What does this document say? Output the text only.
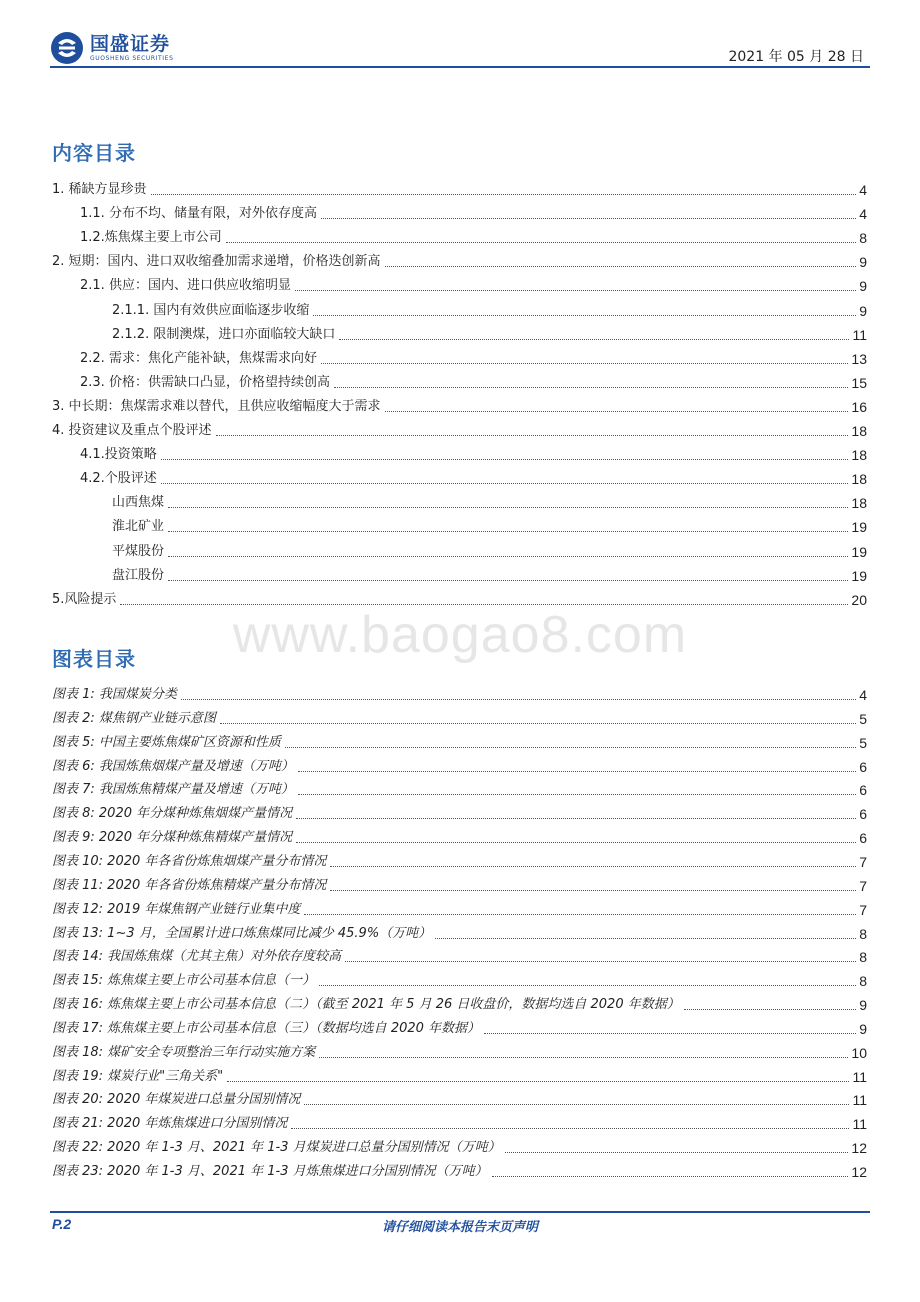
国盛证券
GUOSHENG SECURITIES	2021 年 05 月 28 日
内容目录
1. 稀缺方显珍贵	4
1.1. 分布不均、储量有限，对外依存度高	4
1.2.炼焦煤主要上市公司	8
2. 短期：国内、进口双收缩叠加需求递增，价格迭创新高	9
2.1. 供应：国内、进口供应收缩明显	9
2.1.1. 国内有效供应面临逐步收缩	9
2.1.2. 限制澳煤，进口亦面临较大缺口	11
2.2. 需求：焦化产能补缺，焦煤需求向好	13
2.3. 价格：供需缺口凸显，价格望持续创高	15
3. 中长期：焦煤需求难以替代，且供应收缩幅度大于需求	16
4. 投资建议及重点个股评述	18
4.1.投资策略	18
4.2.个股评述	18
山西焦煤	18
淮北矿业	19
平煤股份	19
盘江股份	19
5.风险提示	20
www.baogao8.com
图表目录
图表 1: 我国煤炭分类	4
图表 2: 煤焦钢产业链示意图	5
图表 5: 中国主要炼焦煤矿区资源和性质	5
图表 6: 我国炼焦烟煤产量及增速（万吨）	6
图表 7: 我国炼焦精煤产量及增速（万吨）	6
图表 8: 2020 年分煤种炼焦烟煤产量情况	6
图表 9: 2020 年分煤种炼焦精煤产量情况	6
图表 10: 2020 年各省份炼焦烟煤产量分布情况	7
图表 11: 2020 年各省份炼焦精煤产量分布情况	7
图表 12: 2019 年煤焦钢产业链行业集中度	7
图表 13: 1~3 月，全国累计进口炼焦煤同比减少 45.9%（万吨）	8
图表 14: 我国炼焦煤（尤其主焦）对外依存度较高	8
图表 15: 炼焦煤主要上市公司基本信息（一）	8
图表 16: 炼焦煤主要上市公司基本信息（二）（截至 2021 年 5 月 26 日收盘价，数据均选自 2020 年数据）	9
图表 17: 炼焦煤主要上市公司基本信息（三）（数据均选自 2020 年数据）	9
图表 18: 煤矿安全专项整治三年行动实施方案	10
图表 19: 煤炭行业"三角关系"	11
图表 20: 2020 年煤炭进口总量分国别情况	11
图表 21: 2020 年炼焦煤进口分国别情况	11
图表 22: 2020 年 1-3 月、2021 年 1-3 月煤炭进口总量分国别情况（万吨）	12
图表 23: 2020 年 1-3 月、2021 年 1-3 月炼焦煤进口分国别情况（万吨）	12
P.2	请仔细阅读本报告末页声明
